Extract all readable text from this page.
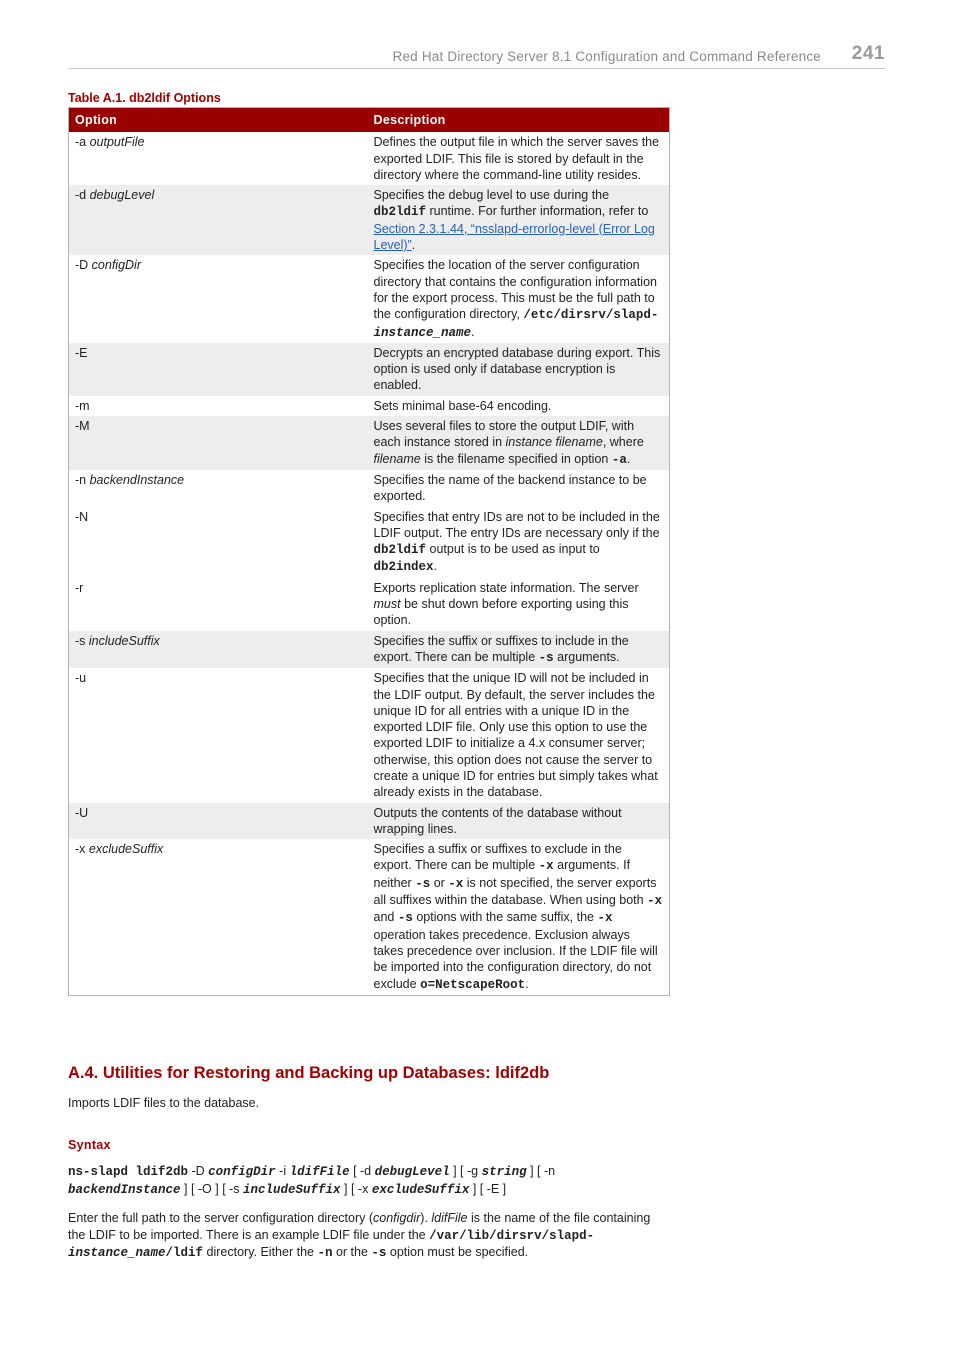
Red Hat Directory Server 8.1 Configuration and Command Reference 241
Table A.1. db2ldif Options
Option	Description
-a outputFile	Defines the output file in which the server saves the exported LDIF. This file is stored by default in the directory where the command-line utility resides.
-d debugLevel	Specifies the debug level to use during the db2ldif runtime. For further information, refer to Section 2.3.1.44, “nsslapd-errorlog-level (Error Log Level)”.
-D configDir	Specifies the location of the server configuration directory that contains the configuration information for the export process. This must be the full path to the configuration directory, /etc/dirsrv/slapd-instance_name.
-E	Decrypts an encrypted database during export. This option is used only if database encryption is enabled.
-m	Sets minimal base-64 encoding.
-M	Uses several files to store the output LDIF, with each instance stored in instance filename, where filename is the filename specified in option -a.
-n backendInstance	Specifies the name of the backend instance to be exported.
-N	Specifies that entry IDs are not to be included in the LDIF output. The entry IDs are necessary only if the db2ldif output is to be used as input to db2index.
-r	Exports replication state information. The server must be shut down before exporting using this option.
-s includeSuffix	Specifies the suffix or suffixes to include in the export. There can be multiple -s arguments.
-u	Specifies that the unique ID will not be included in the LDIF output. By default, the server includes the unique ID for all entries with a unique ID in the exported LDIF file. Only use this option to use the exported LDIF to initialize a 4.x consumer server; otherwise, this option does not cause the server to create a unique ID for entries but simply takes what already exists in the database.
-U	Outputs the contents of the database without wrapping lines.
-x excludeSuffix	Specifies a suffix or suffixes to exclude in the export. There can be multiple -x arguments. If neither -s or -x is not specified, the server exports all suffixes within the database. When using both -x and -s options with the same suffix, the -x operation takes precedence. Exclusion always takes precedence over inclusion. If the LDIF file will be imported into the configuration directory, do not exclude o=NetscapeRoot.
A.4. Utilities for Restoring and Backing up Databases: ldif2db
Imports LDIF files to the database.
Syntax
ns-slapd ldif2db -D configDir -i ldifFile [ -d debugLevel ] [ -g string ] [ -n
backendInstance ] [ -O ] [ -s includeSuffix ] [ -x excludeSuffix ] [ -E ]
Enter the full path to the server configuration directory (configdir). ldifFile is the name of the file containing the LDIF to be imported. There is an example LDIF file under the /var/lib/dirsrv/slapd-instance_name/ldif directory. Either the -n or the -s option must be specified.
